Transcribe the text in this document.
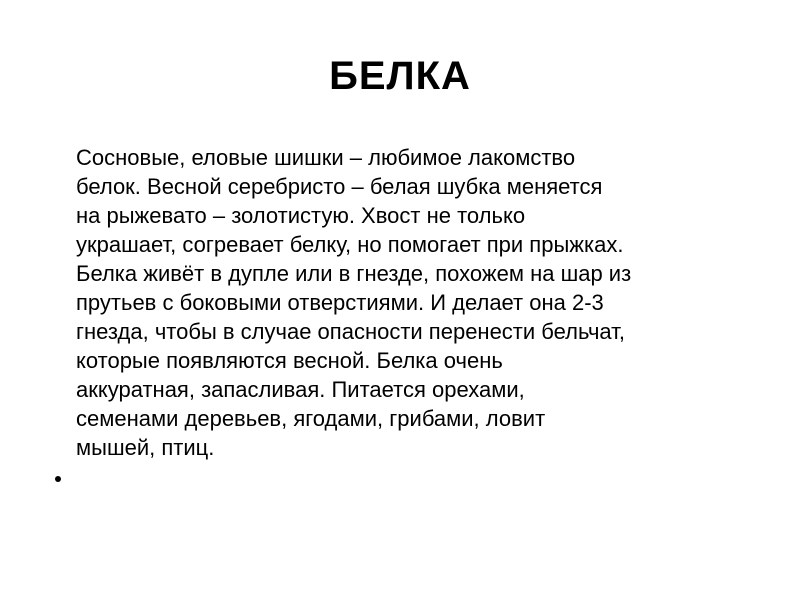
БЕЛКА

Сосновые, еловые шишки – любимое лакомство

белок. Весной серебристо – белая шубка меняется

на рыжевато – золотистую. Хвост не только

украшает, согревает белку, но помогает при прыжках.

Белка живёт в дупле или в гнезде, похожем на шар из

прутьев с боковыми отверстиями. И делает она 2-3

гнезда, чтобы в случае опасности перенести бельчат,

которые появляются весной. Белка очень

аккуратная, запасливая. Питается орехами,

семенами деревьев, ягодами, грибами, ловит

мышей, птиц.
